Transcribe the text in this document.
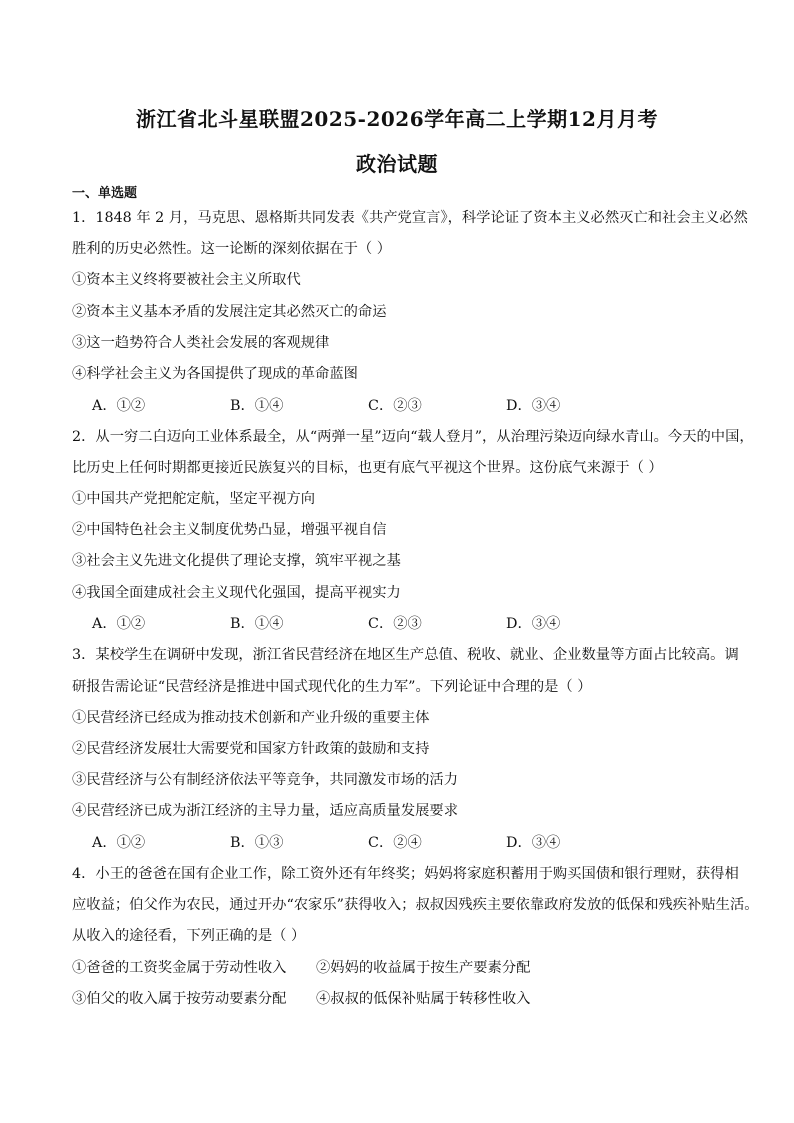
浙江省北斗星联盟2025-2026学年高二上学期12月月考
政治试题
一、单选题
1．1848 年 2 月，马克思、恩格斯共同发表《共产党宣言》，科学论证了资本主义必然灭亡和社会主义必然
胜利的历史必然性。这一论断的深刻依据在于（ ）
①资本主义终将要被社会主义所取代
②资本主义基本矛盾的发展注定其必然灭亡的命运
③这一趋势符合人类社会发展的客观规律
④科学社会主义为各国提供了现成的革命蓝图
A．①②	B．①④	C．②③	D．③④
2．从一穷二白迈向工业体系最全，从“两弹一星”迈向“载人登月”，从治理污染迈向绿水青山。今天的中国，
比历史上任何时期都更接近民族复兴的目标，也更有底气平视这个世界。这份底气来源于（ ）
①中国共产党把舵定航，坚定平视方向
②中国特色社会主义制度优势凸显，增强平视自信
③社会主义先进文化提供了理论支撑，筑牢平视之基
④我国全面建成社会主义现代化强国，提高平视实力
A．①②	B．①④	C．②③	D．③④
3．某校学生在调研中发现，浙江省民营经济在地区生产总值、税收、就业、企业数量等方面占比较高。调
研报告需论证“民营经济是推进中国式现代化的生力军”。下列论证中合理的是（ ）
①民营经济已经成为推动技术创新和产业升级的重要主体
②民营经济发展壮大需要党和国家方针政策的鼓励和支持
③民营经济与公有制经济依法平等竞争，共同激发市场的活力
④民营经济已成为浙江经济的主导力量，适应高质量发展要求
A．①②	B．①③	C．②④	D．③④
4．小王的爸爸在国有企业工作，除工资外还有年终奖；妈妈将家庭积蓄用于购买国债和银行理财，获得相
应收益；伯父作为农民，通过开办“农家乐”获得收入；叔叔因残疾主要依靠政府发放的低保和残疾补贴生活。
从收入的途径看，下列正确的是（ ）
①爸爸的工资奖金属于劳动性收入 ②妈妈的收益属于按生产要素分配
③伯父的收入属于按劳动要素分配 ④叔叔的低保补贴属于转移性收入
